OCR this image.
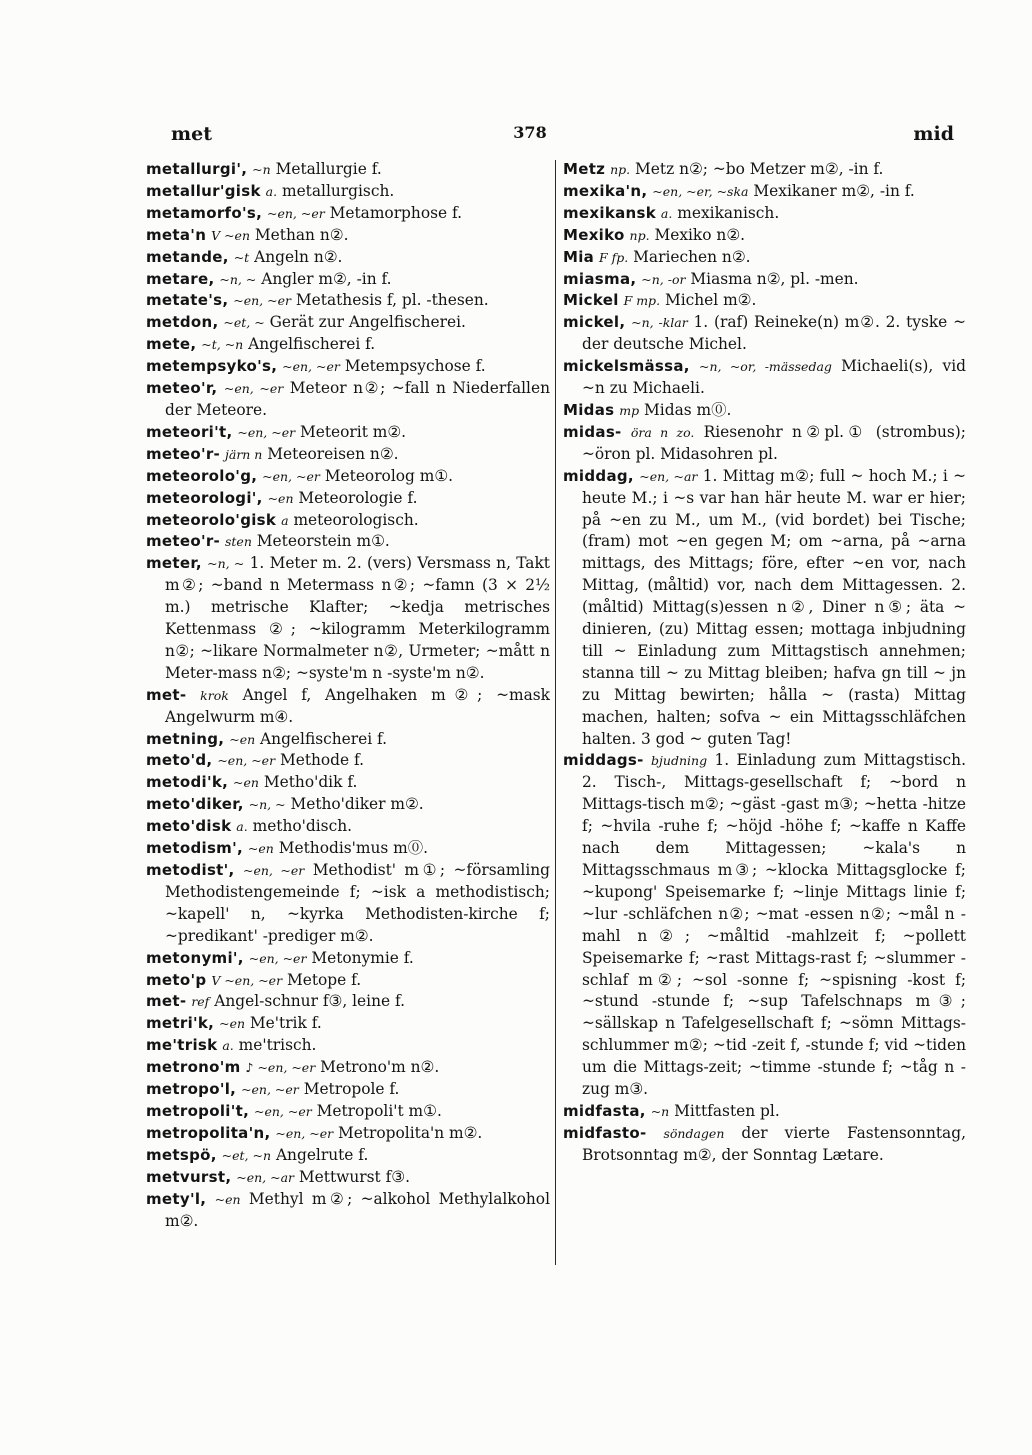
met	378	mid
metallurgi', ~n Metallurgie f.
metallur'gisk a. metallurgisch.
metamorfo's, ~en, ~er Metamorphose f.
meta'n V ~en Methan n②.
metande, ~t Angeln n②.
metare, ~n, ~ Angler m②, -in f.
metate's, ~en, ~er Metathesis f, pl. -thesen.
metdon, ~et, ~ Gerät zur Angelfischerei.
mete, ~t, ~n Angelfischerei f.
metempsyko's, ~en, ~er Metempsychose f.
meteo'r, ~en, ~er Meteor n②; ~fall n Niederfallen der Meteore.
meteori't, ~en, ~er Meteorit m②.
meteo'r- järn n Meteoreisen n②.
meteorolo'g, ~en, ~er Meteorolog m①.
meteorologi', ~en Meteorologie f.
meteorolo'gisk a meteorologisch.
meteo'r- sten Meteorstein m①.
meter, ~n, ~ 1. Meter m. 2. (vers) Versmass n, Takt m②; ~band n Metermass n②; ~famn (3 × 2½ m.) metrische Klafter; ~kedja metrisches Kettenmass ②; ~kilogramm Meterkilogramm n②; ~likare Normalmeter n②, Urmeter; ~mått n Meter-mass n②; ~syste'm n -syste'm n②.
met- krok Angel f, Angelhaken m②; ~mask Angelwurm m④.
metning, ~en Angelfischerei f.
meto'd, ~en, ~er Methode f.
metodi'k, ~en Metho'dik f.
meto'diker, ~n, ~ Metho'diker m②.
meto'disk a. metho'disch.
metodism', ~en Methodis'mus m⓪.
metodist', ~en, ~er Methodist' m①; ~församling Methodistengemeinde f; ~isk a methodistisch; ~kapell' n, ~kyrka Methodisten-kirche f; ~predikant' -prediger m②.
metonymi', ~en, ~er Metonymie f.
meto'p V ~en, ~er Metope f.
met- ref Angel-schnur f③, leine f.
metri'k, ~en Me'trik f.
me'trisk a. me'trisch.
metrono'm ♪ ~en, ~er Metrono'm n②.
metropo'l, ~en, ~er Metropole f.
metropoli't, ~en, ~er Metropoli't m①.
metropolita'n, ~en, ~er Metropolita'n m②.
metspö, ~et, ~n Angelrute f.
metvurst, ~en, ~ar Mettwurst f③.
mety'l, ~en Methyl m②; ~alkohol Methylalkohol m②.
Metz np. Metz n②; ~bo Metzer m②, -in f.
mexika'n, ~en, ~er, ~ska Mexikaner m②, -in f.
mexikansk a. mexikanisch.
Mexiko np. Mexiko n②.
Mia F fp. Mariechen n②.
miasma, ~n, -or Miasma n②, pl. -men.
Mickel F mp. Michel m②.
mickel, ~n, -klar 1. (raf) Reineke(n) m②. 2. tyske ~ der deutsche Michel.
mickelsmässa, ~n, ~or, -mässedag Michaeli(s), vid ~n zu Michaeli.
Midas mp Midas m⓪.
midas- öra n zo. Riesenohr n②pl.① (strombus); ~öron pl. Midasohren pl.
middag, ~en, ~ar 1. Mittag m②; full ~ hoch M.; i ~ heute M.; i ~s var han här heute M. war er hier; på ~en zu M., um M., (vid bordet) bei Tische; (fram) mot ~en gegen M; om ~arna, på ~arna mittags, des Mittags; före, efter ~en vor, nach Mittag, (måltid) vor, nach dem Mittagessen. 2. (måltid) Mittag(s)essen n②, Diner n⑤; äta ~ dinieren, (zu) Mittag essen; mottaga inbjudning till ~ Einladung zum Mittagstisch annehmen; stanna till ~ zu Mittag bleiben; hafva gn till ~ jn zu Mittag bewirten; hålla ~ (rasta) Mittag machen, halten; sofva ~ ein Mittagsschläfchen halten. 3 god ~ guten Tag!
middags- bjudning 1. Einladung zum Mittagstisch. 2. Tisch-, Mittags-gesellschaft f; ~bord n Mittags-tisch m②; ~gäst -gast m③; ~hetta -hitze f; ~hvila -ruhe f; ~höjd -höhe f; ~kaffe n Kaffe nach dem Mittagessen; ~kala's n Mittagsschmaus m③; ~klocka Mittagsglocke f; ~kupong' Speisemarke f; ~linje Mittags linie f; ~lur -schläfchen n②; ~mat -essen n②; ~mål n -mahl n②; ~måltid -mahlzeit f; ~pollett Speisemarke f; ~rast Mittags-rast f; ~slummer -schlaf m②; ~sol -sonne f; ~spisning -kost f; ~stund -stunde f; ~sup Tafelschnaps m③; ~sällskap n Tafelgesellschaft f; ~sömn Mittags-schlummer m②; ~tid -zeit f, -stunde f; vid ~tiden um die Mittags-zeit; ~timme -stunde f; ~tåg n -zug m③.
midfasta, ~n Mittfasten pl.
midfasto- söndagen der vierte Fastensonntag, Brotsonntag m②, der Sonntag Lætare.
